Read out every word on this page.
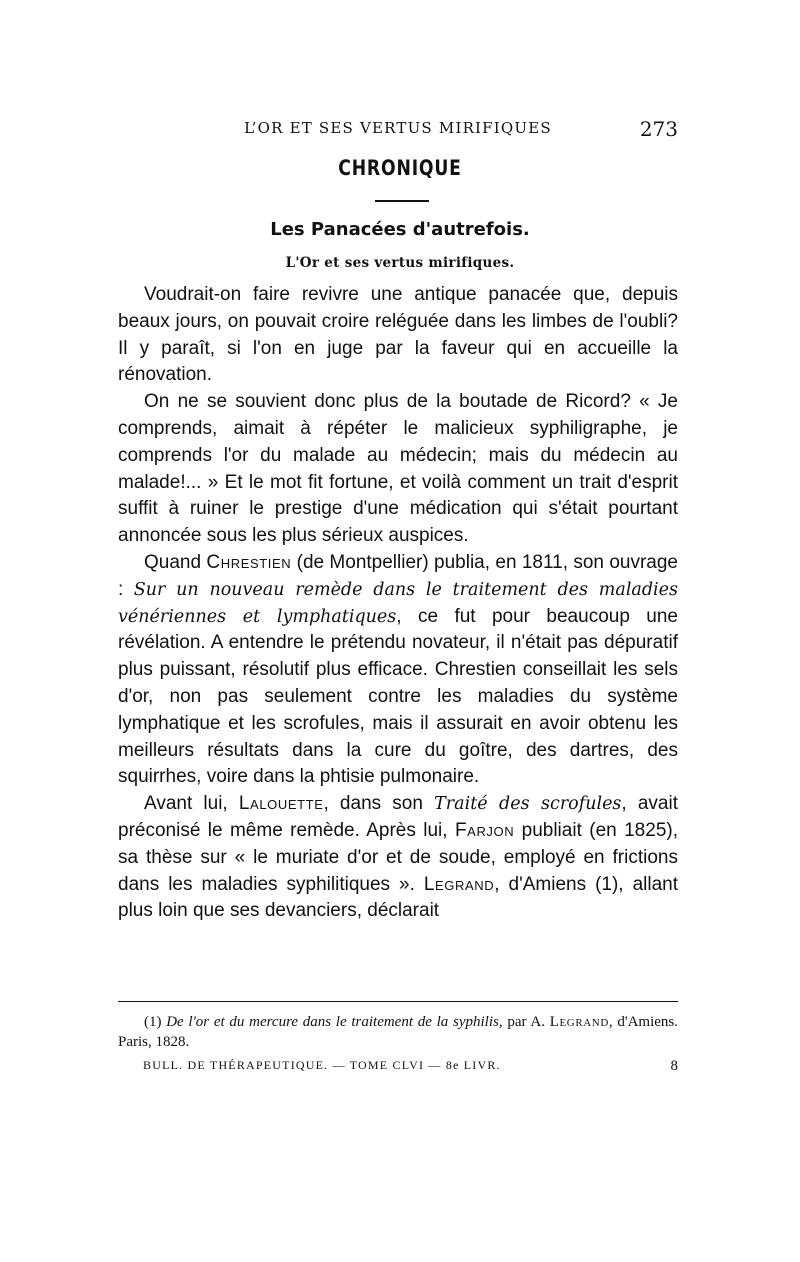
L’OR ET SES VERTUS MIRIFIQUES	273
CHRONIQUE
Les Panacées d'autrefois.
L'Or et ses vertus mirifiques.

Voudrait-on faire revivre une antique panacée que, depuis beaux jours, on pouvait croire reléguée dans les limbes de l'oubli? Il y paraît, si l'on en juge par la faveur qui en accueille la rénovation.

On ne se souvient donc plus de la boutade de Ricord? « Je comprends, aimait à répéter le malicieux syphiligraphe, je comprends l'or du malade au médecin; mais du médecin au malade!... » Et le mot fit fortune, et voilà comment un trait d'esprit suffit à ruiner le prestige d'une médication qui s'était pourtant annoncée sous les plus sérieux auspices.

Quand Chrestien (de Montpellier) publia, en 1811, son ouvrage : Sur un nouveau remède dans le traitement des maladies vénériennes et lymphatiques, ce fut pour beaucoup une révélation. A entendre le prétendu novateur, il n'était pas dépuratif plus puissant, résolutif plus efficace. Chrestien conseillait les sels d'or, non pas seulement contre les maladies du système lymphatique et les scrofules, mais il assurait en avoir obtenu les meilleurs résultats dans la cure du goître, des dartres, des squirrhes, voire dans la phtisie pulmonaire.

Avant lui, Lalouette, dans son Traité des scrofules, avait préconisé le même remède. Après lui, Farjon publiait (en 1825), sa thèse sur « le muriate d'or et de soude, employé en frictions dans les maladies syphilitiques ». Legrand, d'Amiens (1), allant plus loin que ses devanciers, déclarait

(1) De l'or et du mercure dans le traitement de la syphilis, par A. Legrand, d'Amiens. Paris, 1828.

BULL. DE THÉRAPEUTIQUE. — TOME CLVI — 8e LIVR.	8
